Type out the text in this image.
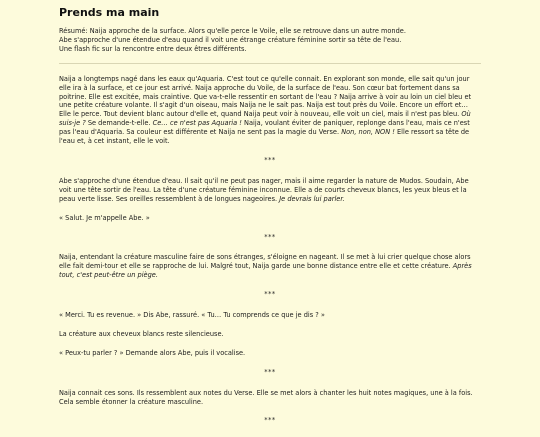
Prends ma main

Résumé: Naija approche de la surface. Alors qu'elle perce le Voile, elle se retrouve dans un autre monde.

Abe s'approche d'une étendue d'eau quand il voit une étrange créature féminine sortir sa tête de l'eau.

Une flash fic sur la rencontre entre deux êtres différents.

Naija a longtemps nagé dans les eaux qu'Aquaria. C'est tout ce qu'elle connait. En explorant son monde, elle sait qu'un jour elle ira à la surface, et ce jour est arrivé. Naija approche du Voile, de la surface de l'eau. Son cœur bat fortement dans sa poitrine. Elle est excitée, mais craintive. Que va-t-elle ressentir en sortant de l'eau ? Naija arrive à voir au loin un ciel bleu et une petite créature volante. Il s'agit d'un oiseau, mais Naija ne le sait pas. Naija est tout près du Voile. Encore un effort et… Elle le perce. Tout devient blanc autour d'elle et, quand Naija peut voir à nouveau, elle voit un ciel, mais il n'est pas bleu. Où suis-je ? Se demande-t-elle. Ce… ce n'est pas Aquaria ! Naija, voulant éviter de paniquer, replonge dans l'eau, mais ce n'est pas l'eau d'Aquaria. Sa couleur est différente et Naija ne sent pas la magie du Verse. Non, non, NON ! Elle ressort sa tête de l'eau et, à cet instant, elle le voit.

***

Abe s'approche d'une étendue d'eau. Il sait qu'il ne peut pas nager, mais il aime regarder la nature de Mudos. Soudain, Abe voit une tête sortir de l'eau. La tête d'une créature féminine inconnue. Elle a de courts cheveux blancs, les yeux bleus et la peau verte lisse. Ses oreilles ressemblent à de longues nageoires. Je devrais lui parler.

« Salut. Je m'appelle Abe. »

***

Naija, entendant la créature masculine faire de sons étranges, s'éloigne en nageant. Il se met à lui crier quelque chose alors elle fait demi-tour et elle se rapproche de lui. Malgré tout, Naija garde une bonne distance entre elle et cette créature. Après tout, c'est peut-être un piège.

***

« Merci. Tu es revenue. » Dis Abe, rassuré. « Tu… Tu comprends ce que je dis ? »

La créature aux cheveux blancs reste silencieuse.

« Peux-tu parler ? » Demande alors Abe, puis il vocalise.

***

Naija connait ces sons. Ils ressemblent aux notes du Verse. Elle se met alors à chanter les huit notes magiques, une à la fois. Cela semble étonner la créature masculine.

***
